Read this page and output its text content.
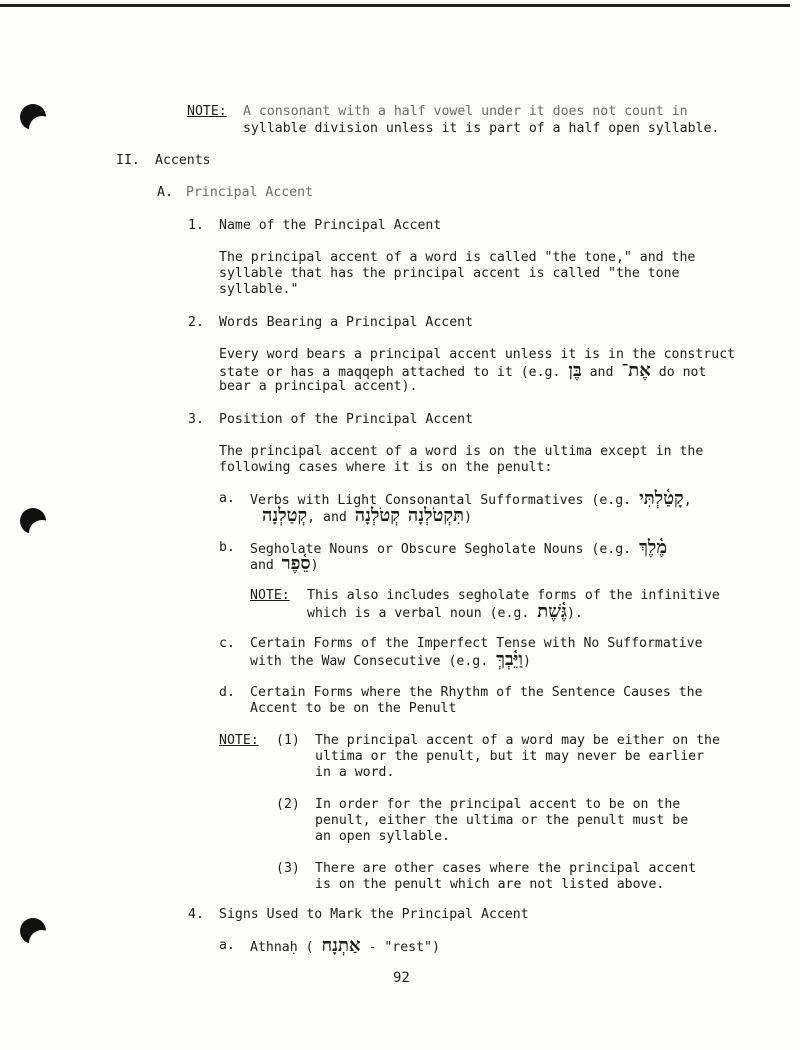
NOTE: A consonant with a half vowel under it does not count in
syllable division unless it is part of a half open syllable.
II. Accents
A. Principal Accent
1. Name of the Principal Accent
The principal accent of a word is called "the tone," and the
syllable that has the principal accent is called "the tone
syllable."
2. Words Bearing a Principal Accent
Every word bears a principal accent unless it is in the construct
state or has a maqqeph attached to it (e.g. בֶּן and אֶת־ do not
bear a principal accent).
3. Position of the Principal Accent
The principal accent of a word is on the ultima except in the
following cases where it is on the penult:
a. Verbs with Light Consonantal Sufformatives (e.g. קָטַ֫לְתִּי,
קְטַלְנָה, and	תִּקְטֹלְנָה קְטֹלְנָה	)
b. Segholate Nouns or Obscure Segholate Nouns (e.g. מֶ֫לֶךְ
and סֵ֫פֶר)
NOTE: This also includes segholate forms of the infinitive
which is a verbal noun (e.g. גֶּ֫שֶׁת).
c. Certain Forms of the Imperfect Tense with No Sufformative
with the Waw Consecutive (e.g. וַיֵּ֫בְךְּ)
d. Certain Forms where the Rhythm of the Sentence Causes the
Accent to be on the Penult
NOTE: (1) The principal accent of a word may be either on the
ultima or the penult, but it may never be earlier
in a word.
(2) In order for the principal accent to be on the
penult, either the ultima or the penult must be
an open syllable.
(3) There are other cases where the principal accent
is on the penult which are not listed above.
4. Signs Used to Mark the Principal Accent
a. Athnaḥ ( אַתְנָח - "rest")
92
